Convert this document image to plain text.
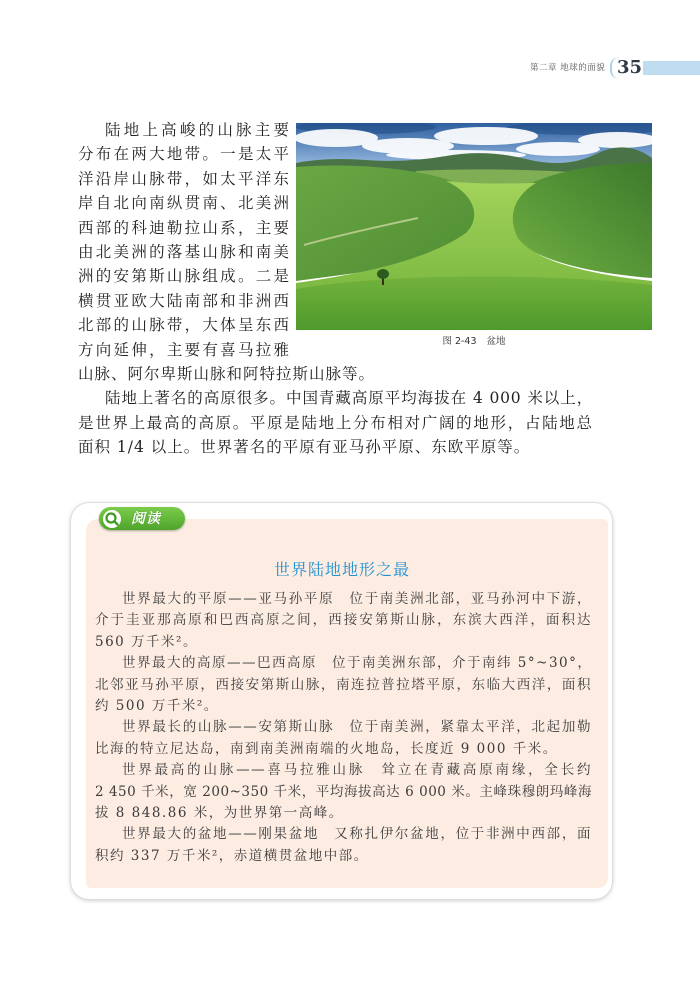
第二章 地球的面貌 35
图 2-43 盆地
陆地上高峻的山脉主要
分布在两大地带。一是太平
洋沿岸山脉带，如太平洋东
岸自北向南纵贯南、北美洲
西部的科迪勒拉山系，主要
由北美洲的落基山脉和南美
洲的安第斯山脉组成。二是
横贯亚欧大陆南部和非洲西
北部的山脉带，大体呈东西
方向延伸，主要有喜马拉雅
山脉、阿尔卑斯山脉和阿特拉斯山脉等。
陆地上著名的高原很多。中国青藏高原平均海拔在 4 000 米以上，
是世界上最高的高原。平原是陆地上分布相对广阔的地形，占陆地总
面积 1/4 以上。世界著名的平原有亚马孙平原、东欧平原等。
阅读
世界陆地地形之最
世界最大的平原——亚马孙平原　位于南美洲北部，亚马孙河中下游，
介于圭亚那高原和巴西高原之间，西接安第斯山脉，东滨大西洋，面积达
560 万千米²。
世界最大的高原——巴西高原　位于南美洲东部，介于南纬 5°~30°，
北邻亚马孙平原，西接安第斯山脉，南连拉普拉塔平原，东临大西洋，面积
约 500 万千米²。
世界最长的山脉——安第斯山脉　位于南美洲，紧靠太平洋，北起加勒
比海的特立尼达岛，南到南美洲南端的火地岛，长度近 9 000 千米。
世界最高的山脉——喜马拉雅山脉　耸立在青藏高原南缘，全长约
2 450 千米，宽 200~350 千米，平均海拔高达 6 000 米。主峰珠穆朗玛峰海
拔 8 848.86 米，为世界第一高峰。
世界最大的盆地——刚果盆地　又称扎伊尔盆地，位于非洲中西部，面
积约 337 万千米²，赤道横贯盆地中部。
